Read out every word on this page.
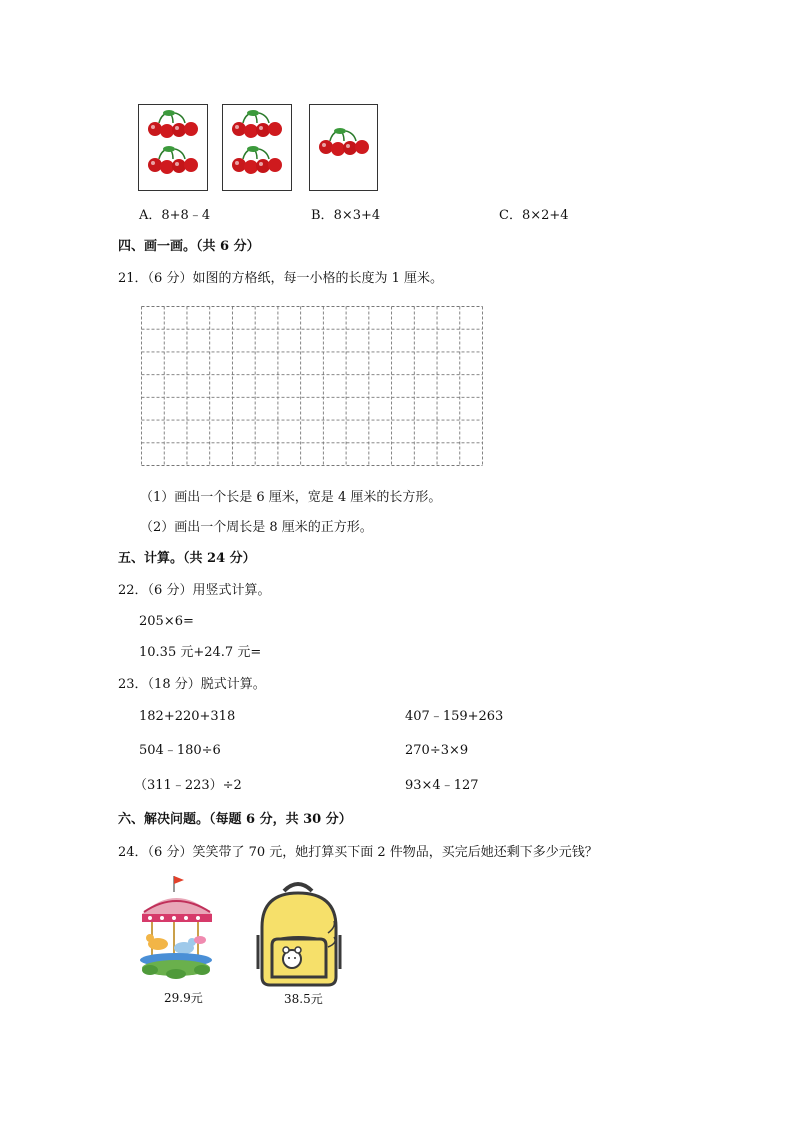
A．8+8﹣4	B．8×3+4	C．8×2+4
四、画一画。（共 6 分）
21．（6 分）如图的方格纸，每一小格的长度为 1 厘米。
（1）画出一个长是 6 厘米，宽是 4 厘米的长方形。
（2）画出一个周长是 8 厘米的正方形。
五、计算。（共 24 分）
22．（6 分）用竖式计算。
205×6=
10.35 元+24.7 元=
23．（18 分）脱式计算。
182+220+318	407﹣159+263
504﹣180÷6	270÷3×9
（311﹣223）÷2	93×4﹣127
六、解决问题。（每题 6 分，共 30 分）
24．（6 分）笑笑带了 70 元，她打算买下面 2 件物品，买完后她还剩下多少元钱？
29.9元	38.5元
